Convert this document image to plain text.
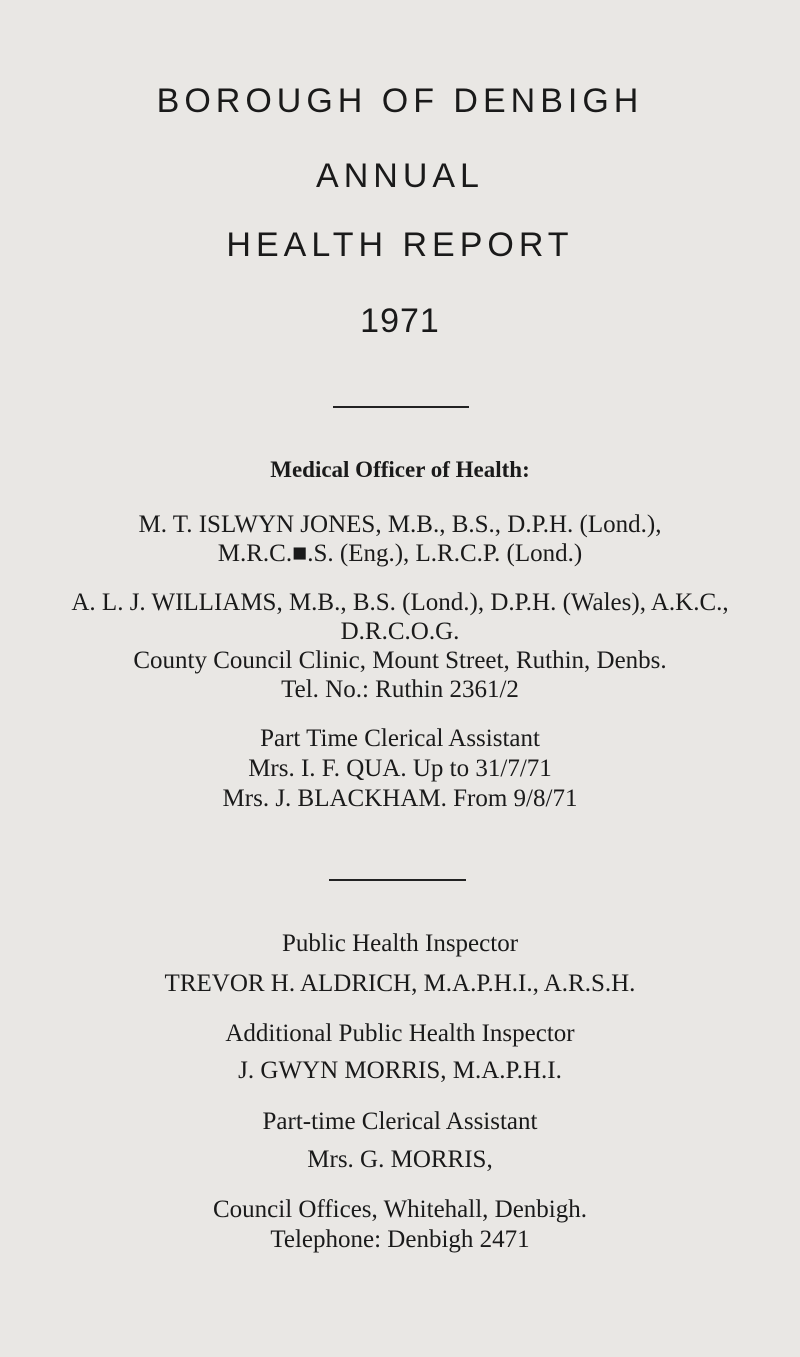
BOROUGH OF DENBIGH
ANNUAL
HEALTH REPORT
1971
Medical Officer of Health:
M. T. ISLWYN JONES, M.B., B.S., D.P.H. (Lond.),
M.R.C.■.S. (Eng.), L.R.C.P. (Lond.)
A. L. J. WILLIAMS, M.B., B.S. (Lond.), D.P.H. (Wales), A.K.C.,
D.R.C.O.G.
County Council Clinic, Mount Street, Ruthin, Denbs.
Tel. No.: Ruthin 2361/2
Part Time Clerical Assistant
Mrs. I. F. QUA. Up to 31/7/71
Mrs. J. BLACKHAM. From 9/8/71
Public Health Inspector
TREVOR H. ALDRICH, M.A.P.H.I., A.R.S.H.
Additional Public Health Inspector
J. GWYN MORRIS, M.A.P.H.I.
Part-time Clerical Assistant
Mrs. G. MORRIS,
Council Offices, Whitehall, Denbigh.
Telephone: Denbigh 2471
